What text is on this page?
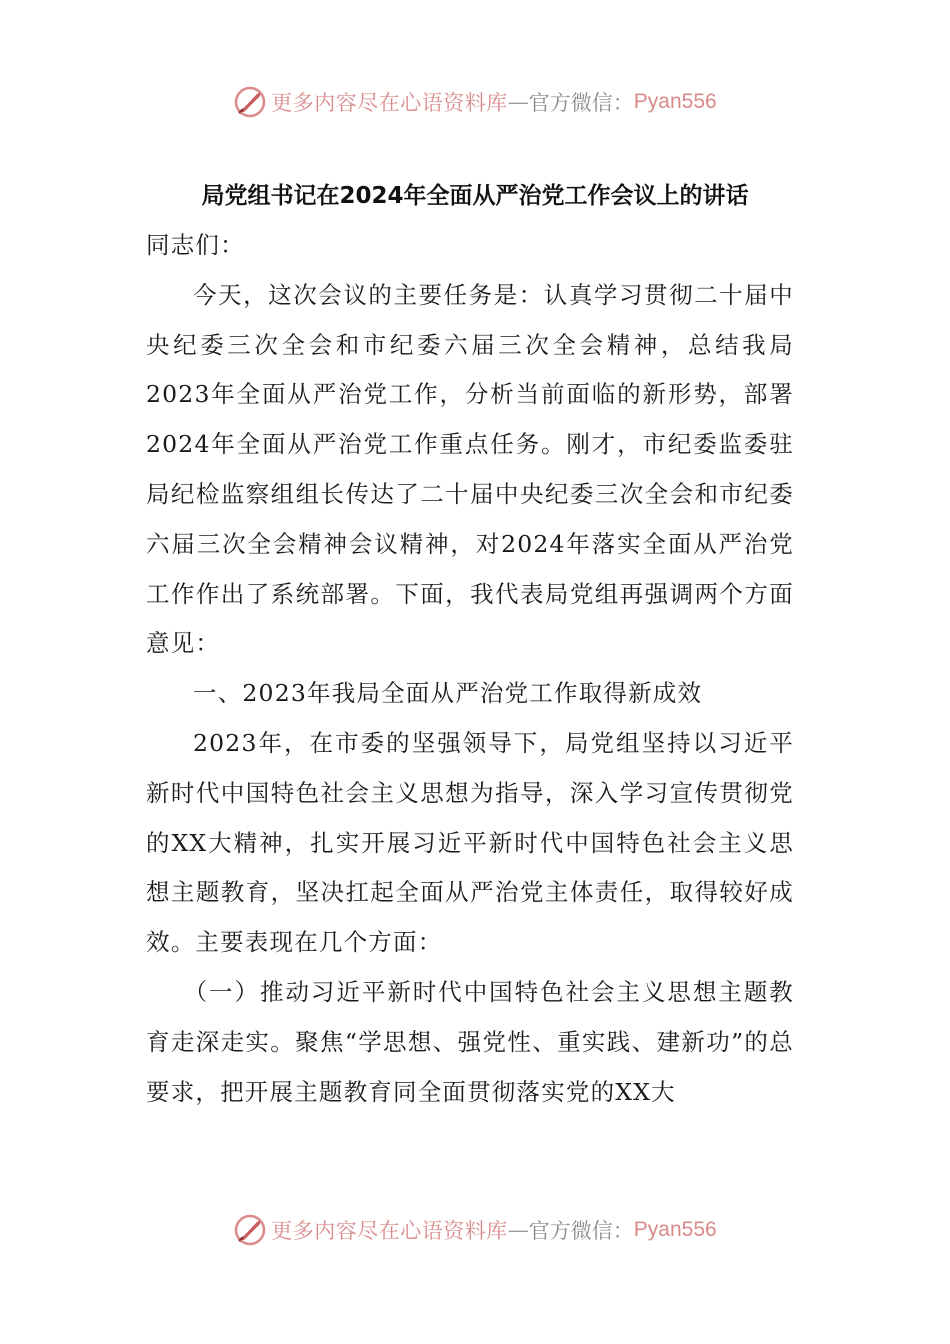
更多内容尽在心语资料库 — 官方微信： Pyan556
局党组书记在2024年全面从严治党工作会议上的讲话

同志们：

今天，这次会议的主要任务是：认真学习贯彻二十届中央纪委三次全会和市纪委六届三次全会精神，总结我局2023年全面从严治党工作，分析当前面临的新形势，部署2024年全面从严治党工作重点任务。刚才，市纪委监委驻局纪检监察组组长传达了二十届中央纪委三次全会和市纪委六届三次全会精神会议精神，对2024年落实全面从严治党工作作出了系统部署。下面，我代表局党组再强调两个方面意见：

一、2023年我局全面从严治党工作取得新成效

2023年，在市委的坚强领导下，局党组坚持以习近平新时代中国特色社会主义思想为指导，深入学习宣传贯彻党的XX大精神，扎实开展习近平新时代中国特色社会主义思想主题教育，坚决扛起全面从严治党主体责任，取得较好成效。主要表现在几个方面：

（一）推动习近平新时代中国特色社会主义思想主题教育走深走实。聚焦“学思想、强党性、重实践、建新功”的总要求，把开展主题教育同全面贯彻落实党的XX大

更多内容尽在心语资料库 — 官方微信： Pyan556
